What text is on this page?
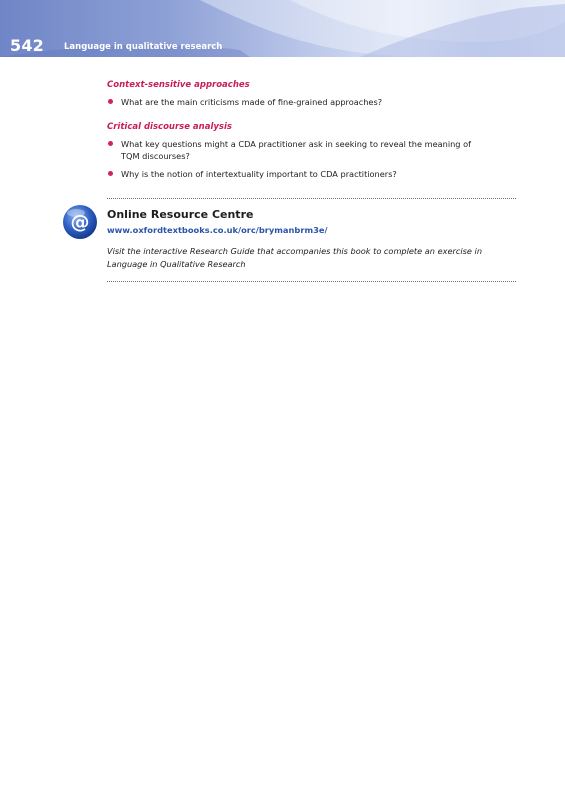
542 Language in qualitative research
Context-sensitive approaches
What are the main criticisms made of fine-grained approaches?
Critical discourse analysis
What key questions might a CDA practitioner ask in seeking to reveal the meaning of TQM discourses?
Why is the notion of intertextuality important to CDA practitioners?
@ Online Resource Centre
www.oxfordtextbooks.co.uk/orc/brymanbrm3e/
Visit the interactive Research Guide that accompanies this book to complete an exercise in Language in Qualitative Research
